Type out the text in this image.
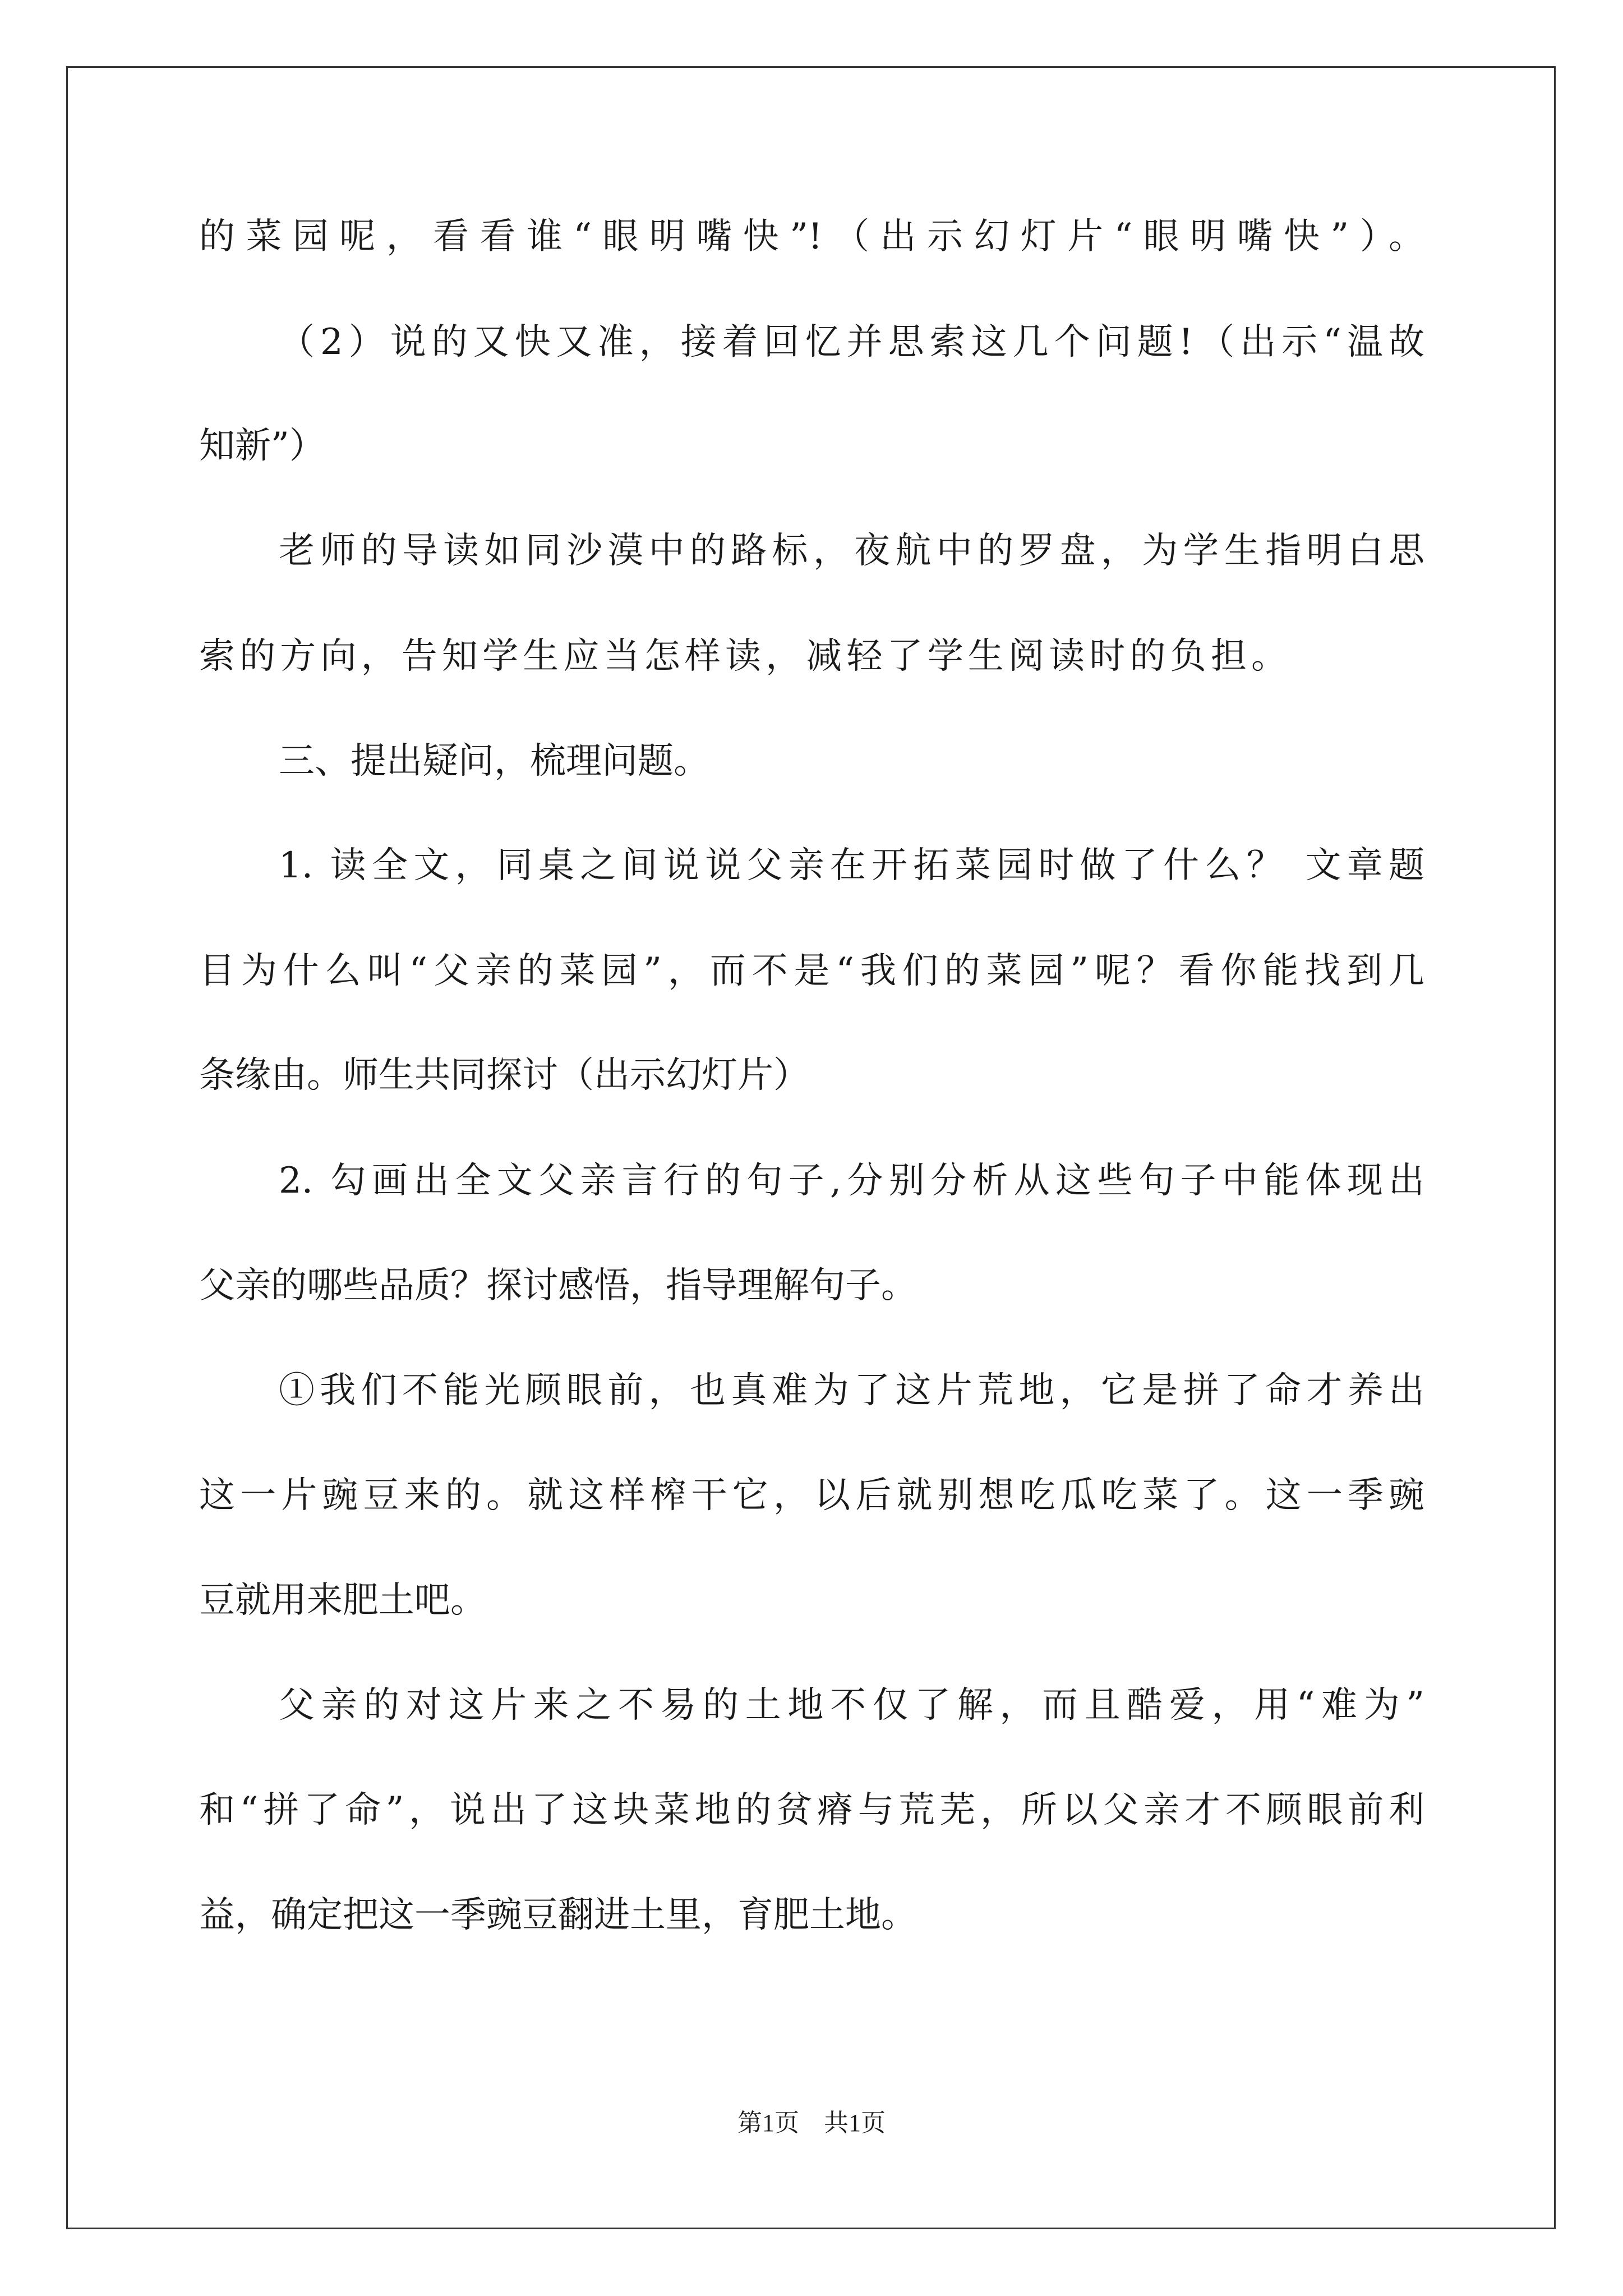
的菜园呢，看看谁“眼明嘴快”!（出示幻灯片“眼明嘴快”）。
（2）说的又快又准，接着回忆并思索这几个问题!（出示“温故
知新”）
老师的导读如同沙漠中的路标，夜航中的罗盘，为学生指明白思
索的方向，告知学生应当怎样读，减轻了学生阅读时的负担。
三、提出疑问，梳理问题。
1. 读全文，同桌之间说说父亲在开拓菜园时做了什么？ 文章题
目为什么叫“父亲的菜园”，而不是“我们的菜园”呢？看你能找到几
条缘由。师生共同探讨（出示幻灯片）
2. 勾画出全文父亲言行的句子,分别分析从这些句子中能体现出
父亲的哪些品质？探讨感悟，指导理解句子。
①我们不能光顾眼前，也真难为了这片荒地，它是拼了命才养出
这一片豌豆来的。就这样榨干它，以后就别想吃瓜吃菜了。这一季豌
豆就用来肥土吧。
父亲的对这片来之不易的土地不仅了解，而且酷爱，用“难为”
和“拼了命”，说出了这块菜地的贫瘠与荒芜，所以父亲才不顾眼前利
益，确定把这一季豌豆翻进土里，育肥土地。
第1页　共1页
